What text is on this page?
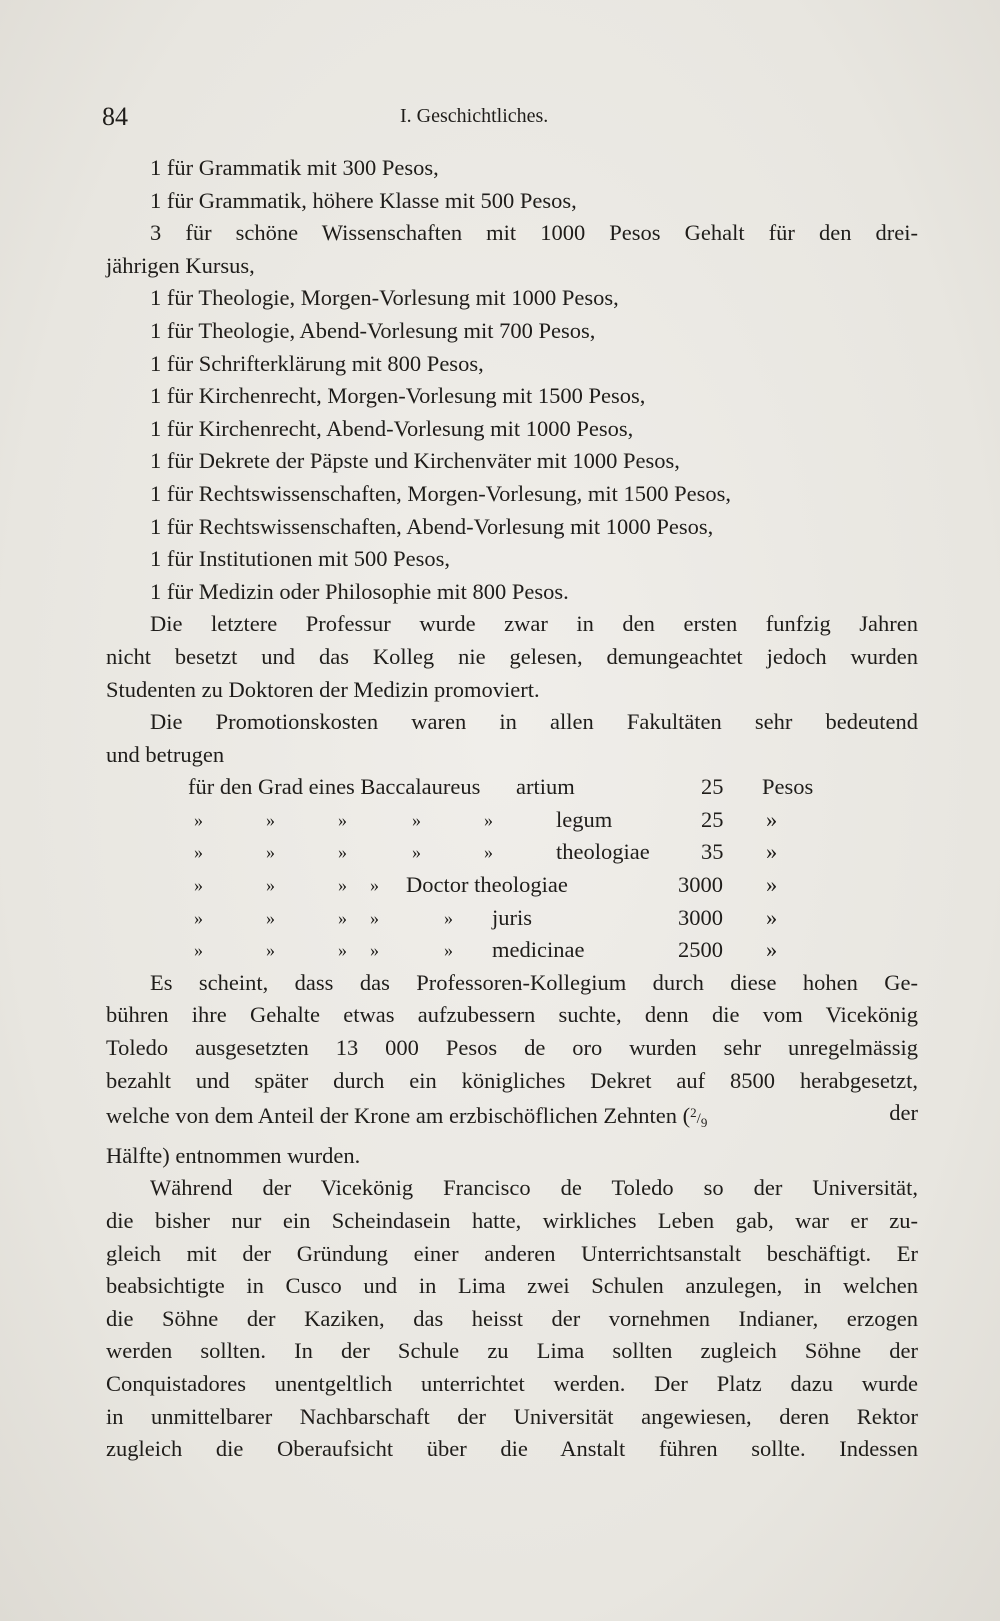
84	I. Geschichtliches.
1 für Grammatik mit 300 Pesos,
1 für Grammatik, höhere Klasse mit 500 Pesos,
3 für schöne Wissenschaften mit 1000 Pesos Gehalt für den drei-
jährigen Kursus,
1 für Theologie, Morgen-Vorlesung mit 1000 Pesos,
1 für Theologie, Abend-Vorlesung mit 700 Pesos,
1 für Schrifterklärung mit 800 Pesos,
1 für Kirchenrecht, Morgen-Vorlesung mit 1500 Pesos,
1 für Kirchenrecht, Abend-Vorlesung mit 1000 Pesos,
1 für Dekrete der Päpste und Kirchenväter mit 1000 Pesos,
1 für Rechtswissenschaften, Morgen-Vorlesung, mit 1500 Pesos,
1 für Rechtswissenschaften, Abend-Vorlesung mit 1000 Pesos,
1 für Institutionen mit 500 Pesos,
1 für Medizin oder Philosophie mit 800 Pesos.
Die letztere Professur wurde zwar in den ersten funfzig Jahren
nicht besetzt und das Kolleg nie gelesen, demungeachtet jedoch wurden
Studenten zu Doktoren der Medizin promoviert.
Die Promotionskosten waren in allen Fakultäten sehr bedeutend
und betrugen
für den Grad eines Baccalaureus artium	25 Pesos
»	»	»	»	»	legum	25 »
»	»	»	»	»	theologiae 35 »
»	»	» » Doctor theologiae	3000 »
»	»	» »	» juris	3000 »
»	»	» »	» medicinae	2500 »
Es scheint, dass das Professoren-Kollegium durch diese hohen Ge-
bühren ihre Gehalte etwas aufzubessern suchte, denn die vom Vicekönig
Toledo ausgesetzten 13 000 Pesos de oro wurden sehr unregelmässig
bezahlt und später durch ein königliches Dekret auf 8500 herabgesetzt,
welche von dem Anteil der Krone am erzbischöflichen Zehnten ($^2/_9$	der
Hälfte) entnommen wurden.
Während der Vicekönig Francisco de Toledo so der Universität,
die bisher nur ein Scheindasein hatte, wirkliches Leben gab, war er zu-
gleich mit der Gründung einer anderen Unterrichtsanstalt beschäftigt. Er
beabsichtigte in Cusco und in Lima zwei Schulen anzulegen, in welchen
die Söhne der Kaziken, das heisst der vornehmen Indianer, erzogen
werden sollten. In der Schule zu Lima sollten zugleich Söhne der
Conquistadores unentgeltlich unterrichtet werden. Der Platz dazu wurde
in unmittelbarer Nachbarschaft der Universität angewiesen, deren Rektor
zugleich die Oberaufsicht über die Anstalt führen sollte. Indessen
